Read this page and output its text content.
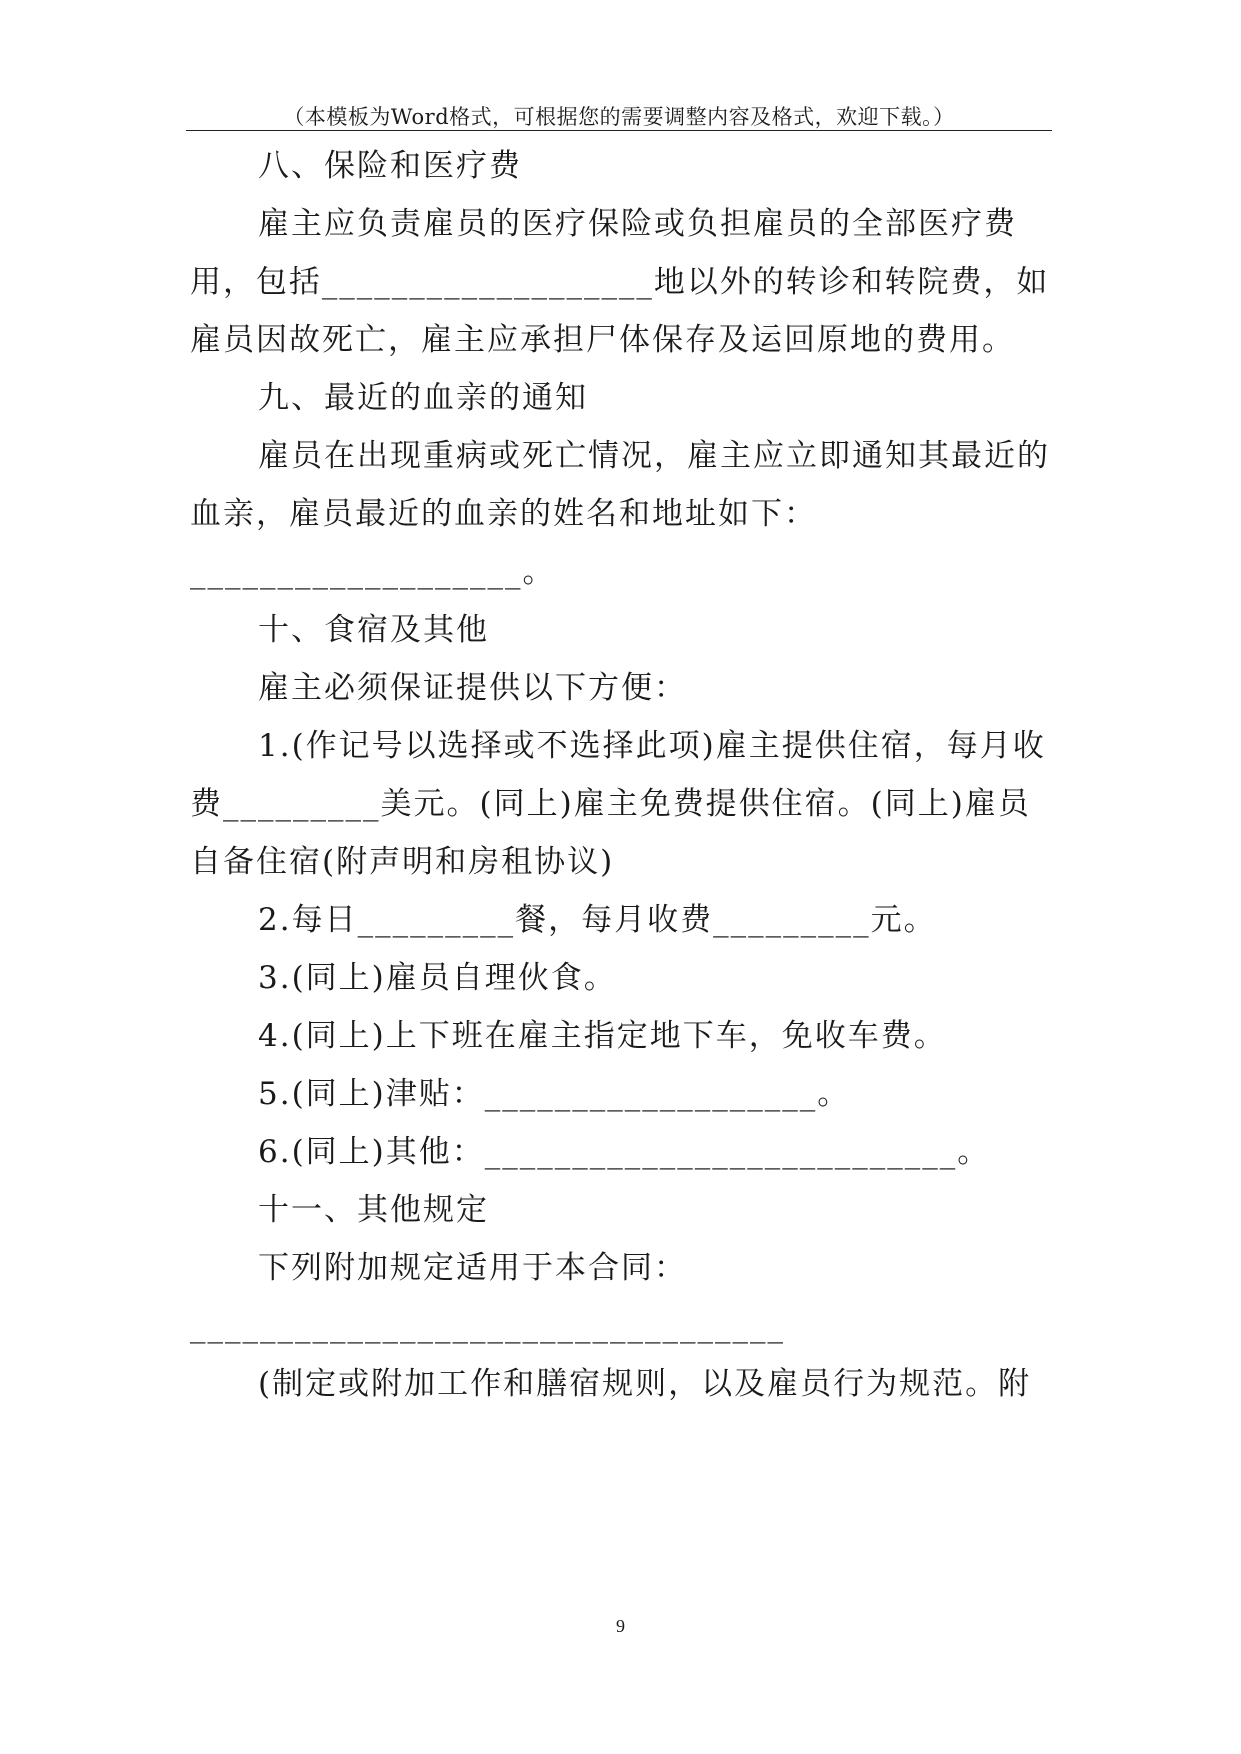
（本模板为Word格式，可根据您的需要调整内容及格式，欢迎下载。）
八、保险和医疗费
雇主应负责雇员的医疗保险或负担雇员的全部医疗费
用，包括___________________地以外的转诊和转院费，如
雇员因故死亡，雇主应承担尸体保存及运回原地的费用。
九、最近的血亲的通知
雇员在出现重病或死亡情况，雇主应立即通知其最近的
血亲，雇员最近的血亲的姓名和地址如下：
___________________。
十、食宿及其他
雇主必须保证提供以下方便：
1.(作记号以选择或不选择此项)雇主提供住宿，每月收
费_________美元。(同上)雇主免费提供住宿。(同上)雇员
自备住宿(附声明和房租协议)
2.每日_________餐，每月收费_________元。
3.(同上)雇员自理伙食。
4.(同上)上下班在雇主指定地下车，免收车费。
5.(同上)津贴：___________________。
6.(同上)其他：___________________________。
十一、其他规定
下列附加规定适用于本合同：
__________________________________
(制定或附加工作和膳宿规则，以及雇员行为规范。附
9
